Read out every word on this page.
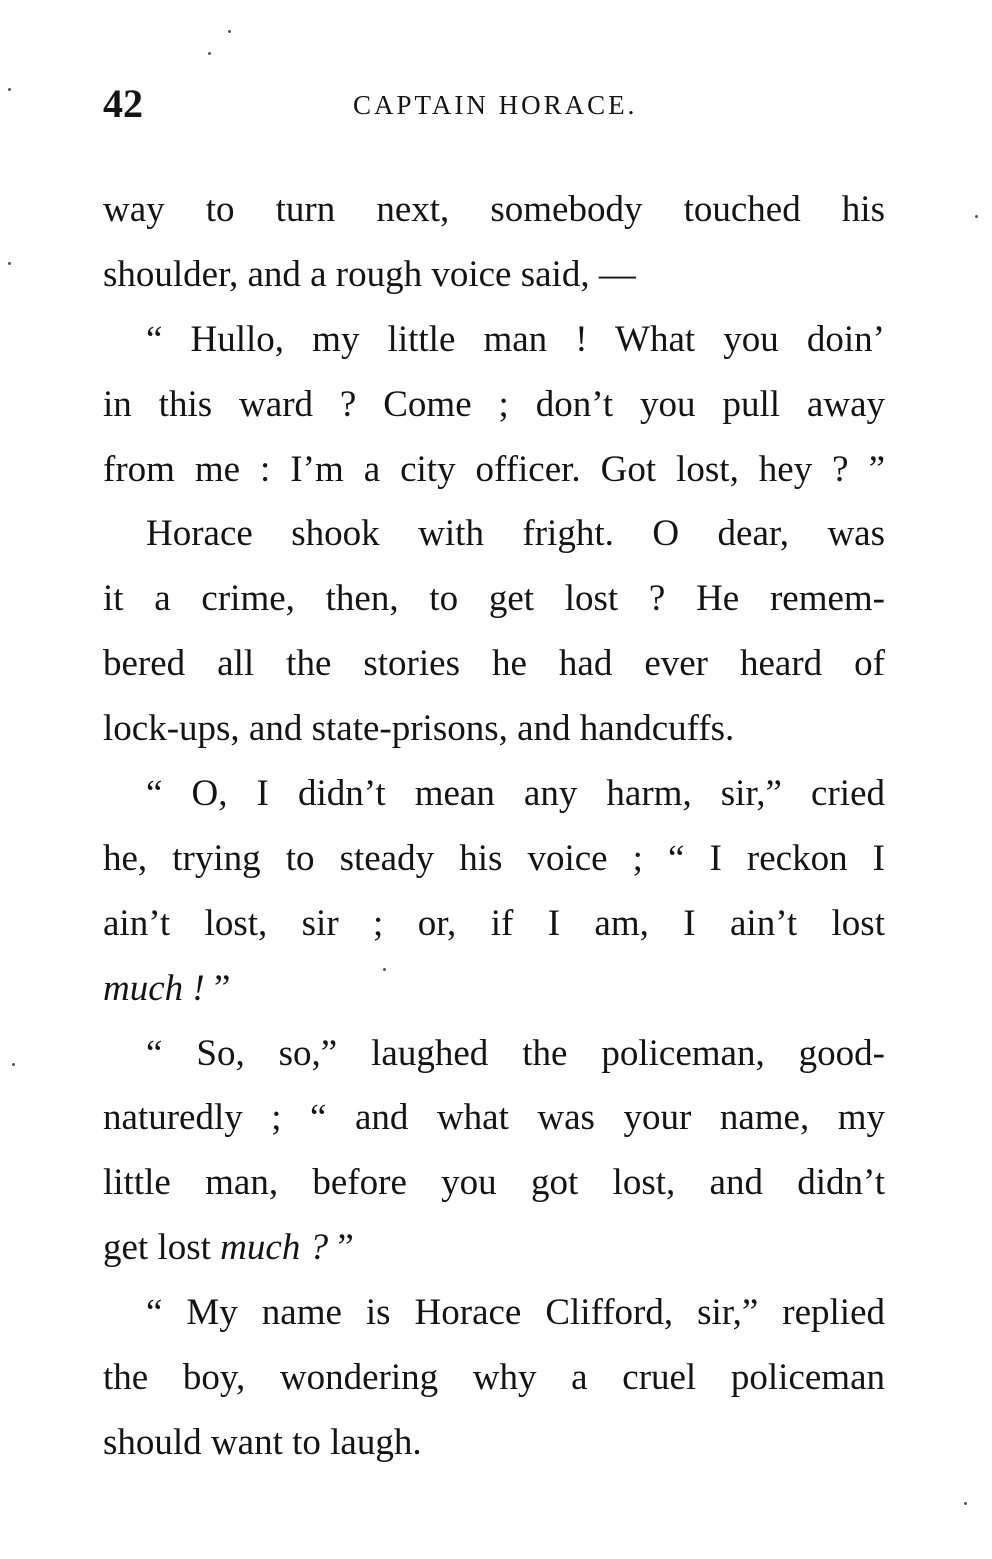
42	CAPTAIN HORACE.
way to turn next, somebody touched his
shoulder, and a rough voice said, —
“ Hullo, my little man ! What you doin’
in this ward ? Come ; don’t you pull away
from me : I’m a city officer. Got lost, hey ? ”
Horace shook with fright. O dear, was
it a crime, then, to get lost ? He remem-
bered all the stories he had ever heard of
lock-ups, and state-prisons, and handcuffs.
“ O, I didn’t mean any harm, sir,” cried
he, trying to steady his voice ; “ I reckon I
ain’t lost, sir ; or, if I am, I ain’t lost
much ! ”
“ So, so,” laughed the policeman, good-
naturedly ; “ and what was your name, my
little man, before you got lost, and didn’t
get lost much ? ”
“ My name is Horace Clifford, sir,” replied
the boy, wondering why a cruel policeman
should want to laugh.
